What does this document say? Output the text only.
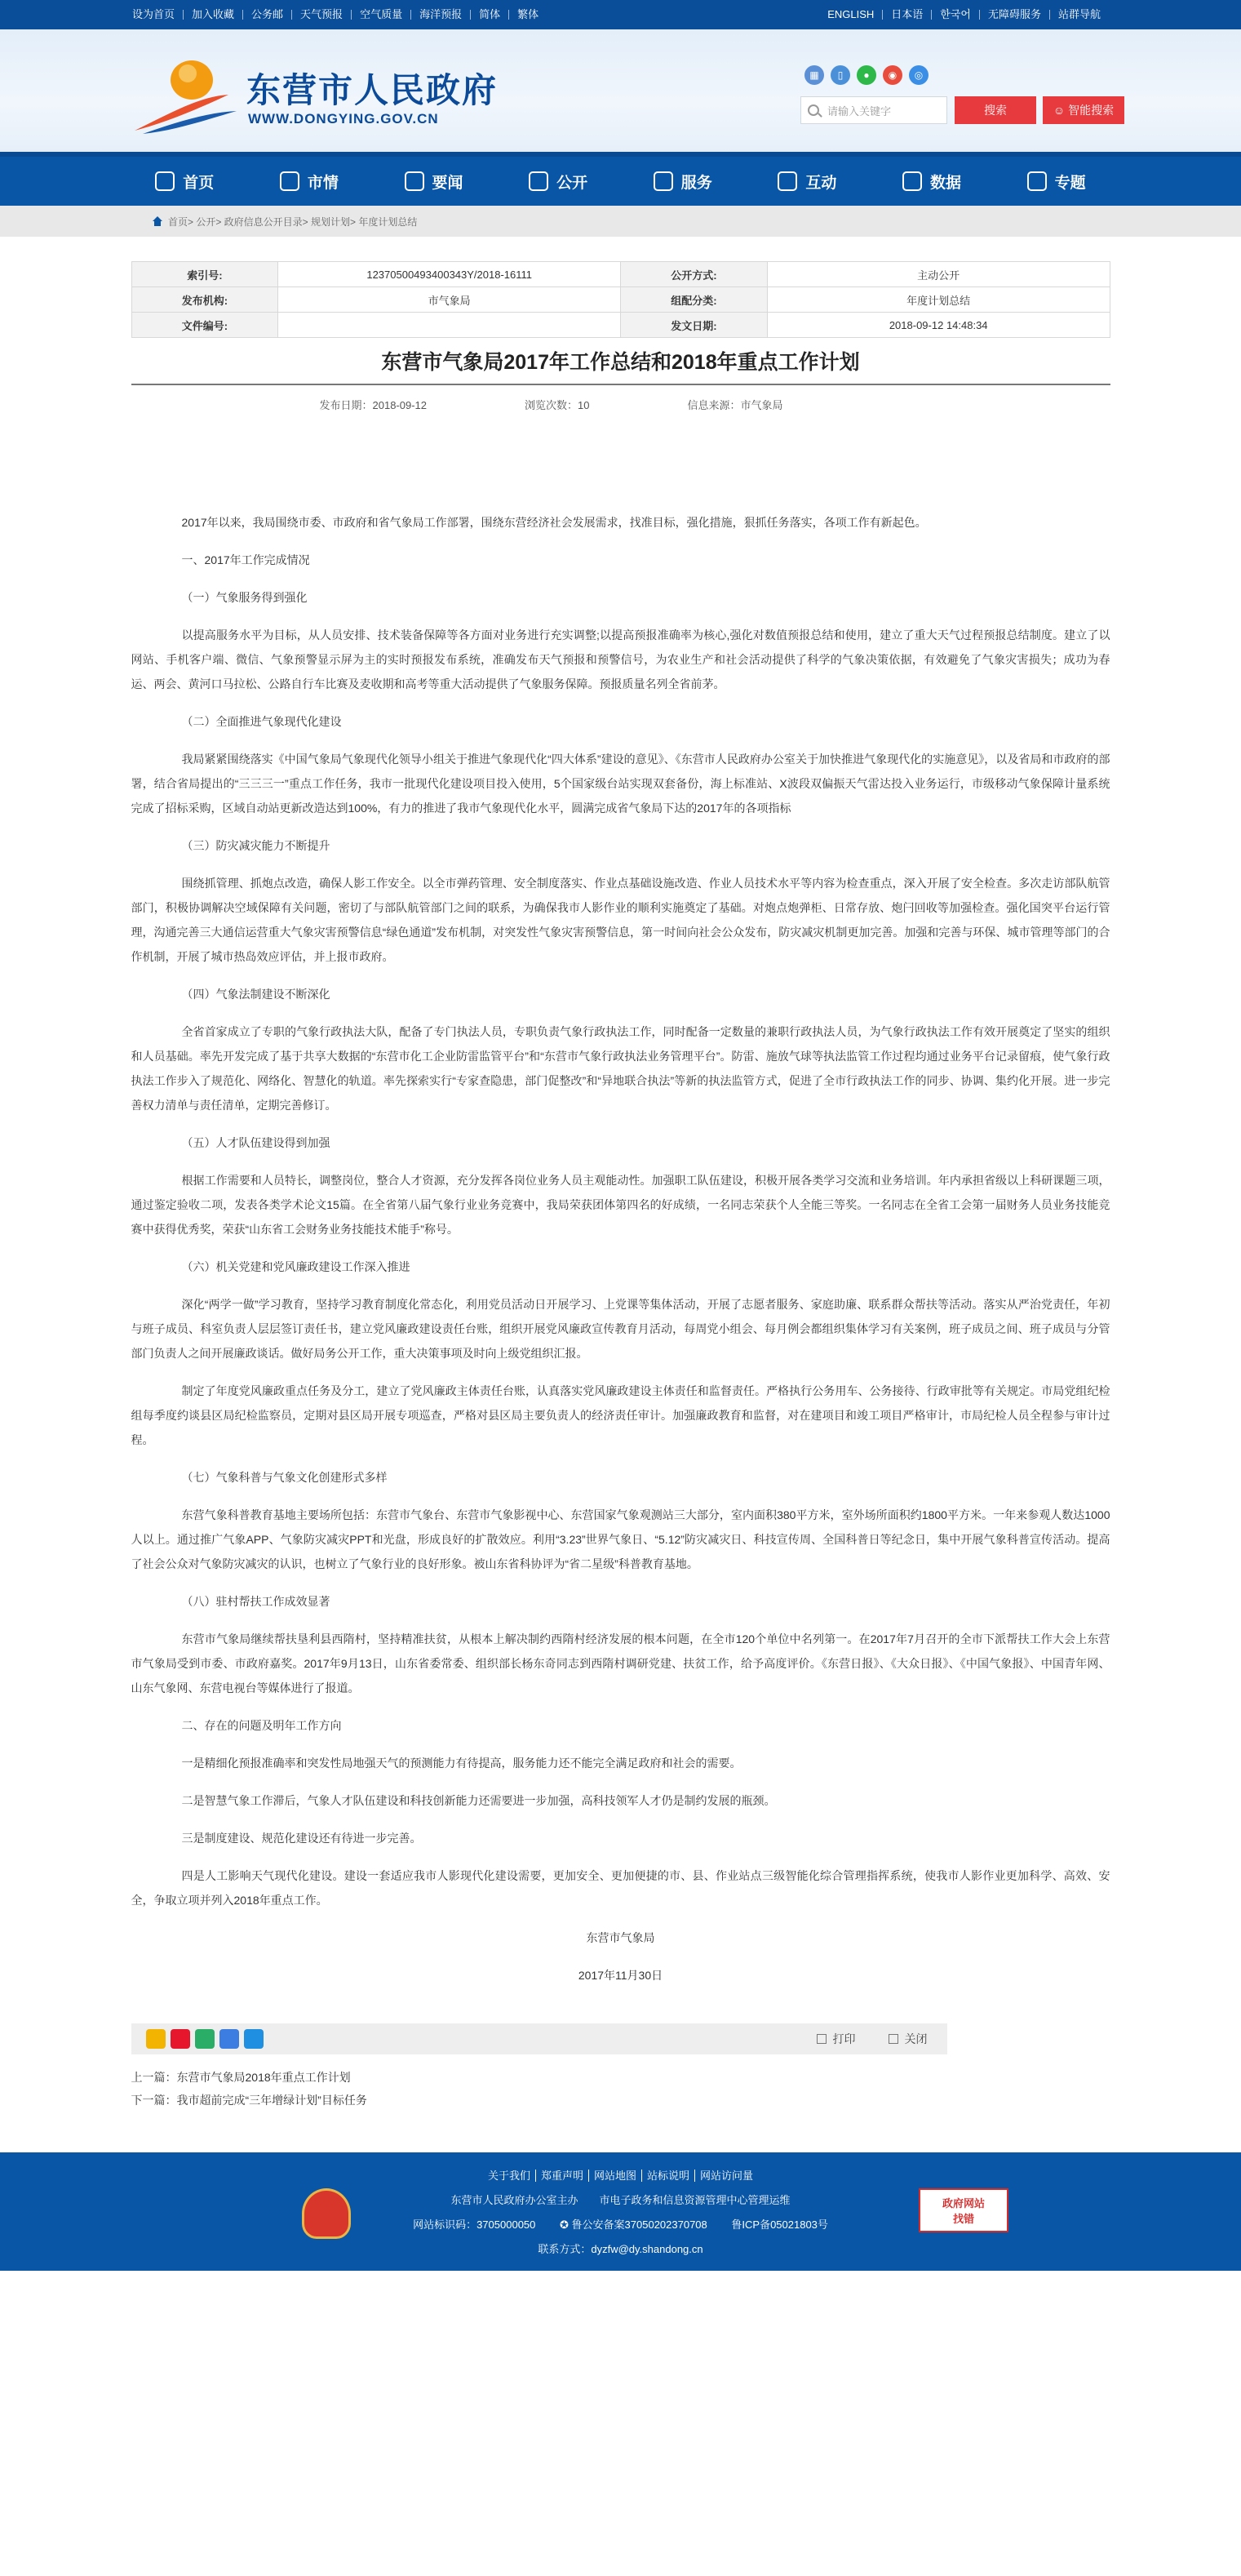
设为首页	加入收藏	公务邮	天气预报	空气质量	海洋预报	简体	繁体	ENGLISH	日本语	한국어	无障碍服务	站群导航
东营市人民政府
WWW.DONGYING.GOV.CN
▦	▯	●	◉	◎
请输入关键字	搜索	☺ 智能搜索
首页	市情	要闻	公开	服务	互动	数据	专题
首页> 公开> 政府信息公开目录> 规划计划> 年度计划总结
索引号:	12370500493400343Y/2018-16111	公开方式:	主动公开
发布机构:	市气象局	组配分类:	年度计划总结
文件编号:		发文日期:	2018-09-12 14:48:34
东营市气象局2017年工作总结和2018年重点工作计划
发布日期：2018-09-12	浏览次数：10	信息来源：市气象局

2017年以来，我局围绕市委、市政府和省气象局工作部署，围绕东营经济社会发展需求，找准目标，强化措施，狠抓任务落实，各项工作有新起色。

一、2017年工作完成情况

（一）气象服务得到强化

以提高服务水平为目标，从人员安排、技术装备保障等各方面对业务进行充实调整;以提高预报准确率为核心,强化对数值预报总结和使用，建立了重大天气过程预报总结制度。建立了以网站、手机客户端、微信、气象预警显示屏为主的实时预报发布系统，准确发布天气预报和预警信号，为农业生产和社会活动提供了科学的气象决策依据，有效避免了气象灾害损失；成功为春运、两会、黄河口马拉松、公路自行车比赛及麦收期和高考等重大活动提供了气象服务保障。预报质量名列全省前茅。

（二）全面推进气象现代化建设

我局紧紧围绕落实《中国气象局气象现代化领导小组关于推进气象现代化“四大体系”建设的意见》、《东营市人民政府办公室关于加快推进气象现代化的实施意见》，以及省局和市政府的部署，结合省局提出的“三三三一”重点工作任务，我市一批现代化建设项目投入使用，5个国家级台站实现双套备份，海上标准站、X波段双偏振天气雷达投入业务运行，市级移动气象保障计量系统完成了招标采购，区域自动站更新改造达到100%，有力的推进了我市气象现代化水平，圆满完成省气象局下达的2017年的各项指标

（三）防灾减灾能力不断提升

围绕抓管理、抓炮点改造，确保人影工作安全。以全市弹药管理、安全制度落实、作业点基础设施改造、作业人员技术水平等内容为检查重点，深入开展了安全检查。多次走访部队航管部门，积极协调解决空域保障有关问题，密切了与部队航管部门之间的联系，为确保我市人影作业的顺利实施奠定了基础。对炮点炮弹柜、日常存放、炮闩回收等加强检查。强化国突平台运行管理，沟通完善三大通信运营重大气象灾害预警信息“绿色通道”发布机制，对突发性气象灾害预警信息，第一时间向社会公众发布，防灾减灾机制更加完善。加强和完善与环保、城市管理等部门的合作机制，开展了城市热岛效应评估，并上报市政府。

（四）气象法制建设不断深化

全省首家成立了专职的气象行政执法大队，配备了专门执法人员，专职负责气象行政执法工作，同时配备一定数量的兼职行政执法人员，为气象行政执法工作有效开展奠定了坚实的组织和人员基础。率先开发完成了基于共享大数据的“东营市化工企业防雷监管平台”和“东营市气象行政执法业务管理平台”。防雷、施放气球等执法监管工作过程均通过业务平台记录留痕，使气象行政执法工作步入了规范化、网络化、智慧化的轨道。率先探索实行“专家查隐患，部门促整改”和“异地联合执法”等新的执法监管方式，促进了全市行政执法工作的同步、协调、集约化开展。进一步完善权力清单与责任清单，定期完善修订。

（五）人才队伍建设得到加强

根据工作需要和人员特长，调整岗位，整合人才资源，充分发挥各岗位业务人员主观能动性。加强职工队伍建设，积极开展各类学习交流和业务培训。年内承担省级以上科研课题三项，通过鉴定验收二项，发表各类学术论文15篇。在全省第八届气象行业业务竞赛中，我局荣获团体第四名的好成绩，一名同志荣获个人全能三等奖。一名同志在全省工会第一届财务人员业务技能竞赛中获得优秀奖，荣获“山东省工会财务业务技能技术能手”称号。

（六）机关党建和党风廉政建设工作深入推进

深化“两学一做”学习教育，坚持学习教育制度化常态化，利用党员活动日开展学习、上党课等集体活动，开展了志愿者服务、家庭助廉、联系群众帮扶等活动。落实从严治党责任，年初与班子成员、科室负责人层层签订责任书，建立党风廉政建设责任台账，组织开展党风廉政宣传教育月活动，每周党小组会、每月例会都组织集体学习有关案例，班子成员之间、班子成员与分管部门负责人之间开展廉政谈话。做好局务公开工作，重大决策事项及时向上级党组织汇报。

制定了年度党风廉政重点任务及分工，建立了党风廉政主体责任台账，认真落实党风廉政建设主体责任和监督责任。严格执行公务用车、公务接待、行政审批等有关规定。市局党组纪检组每季度约谈县区局纪检监察员，定期对县区局开展专项巡查，严格对县区局主要负责人的经济责任审计。加强廉政教育和监督，对在建项目和竣工项目严格审计，市局纪检人员全程参与审计过程。

（七）气象科普与气象文化创建形式多样

东营气象科普教育基地主要场所包括：东营市气象台、东营市气象影视中心、东营国家气象观测站三大部分，室内面积380平方米，室外场所面积约1800平方米。一年来参观人数达1000人以上。通过推广气象APP、气象防灾减灾PPT和光盘，形成良好的扩散效应。利用“3.23”世界气象日、“5.12”防灾减灾日、科技宣传周、全国科普日等纪念日，集中开展气象科普宣传活动。提高了社会公众对气象防灾减灾的认识，也树立了气象行业的良好形象。被山东省科协评为“省二星级”科普教育基地。

（八）驻村帮扶工作成效显著

东营市气象局继续帮扶垦利县西隋村，坚持精准扶贫，从根本上解决制约西隋村经济发展的根本问题，在全市120个单位中名列第一。在2017年7月召开的全市下派帮扶工作大会上东营市气象局受到市委、市政府嘉奖。2017年9月13日，山东省委常委、组织部长杨东奇同志到西隋村调研党建、扶贫工作，给予高度评价。《东营日报》、《大众日报》、《中国气象报》、中国青年网、山东气象网、东营电视台等媒体进行了报道。

二、存在的问题及明年工作方向

一是精细化预报准确率和突发性局地强天气的预测能力有待提高，服务能力还不能完全满足政府和社会的需要。

二是智慧气象工作滞后，气象人才队伍建设和科技创新能力还需要进一步加强，高科技领军人才仍是制约发展的瓶颈。

三是制度建设、规范化建设还有待进一步完善。

四是人工影响天气现代化建设。建设一套适应我市人影现代化建设需要，更加安全、更加便捷的市、县、作业站点三级智能化综合管理指挥系统，使我市人影作业更加科学、高效、安全，争取立项并列入2018年重点工作。

东营市气象局

2017年11月30日

打印	关闭
上一篇：东营市气象局2018年重点工作计划
下一篇：我市超前完成“三年增绿计划”目标任务
关于我们 郑重声明 网站地图 站标说明 网站访问量
东营市人民政府办公室主办　　市电子政务和信息资源管理中心管理运维
网站标识码：3705000050　　 ✪ 鲁公安备案37050202370708　　 鲁ICP备05021803号
联系方式：dyzfw@dy.shandong.cn
政府网站
找错
